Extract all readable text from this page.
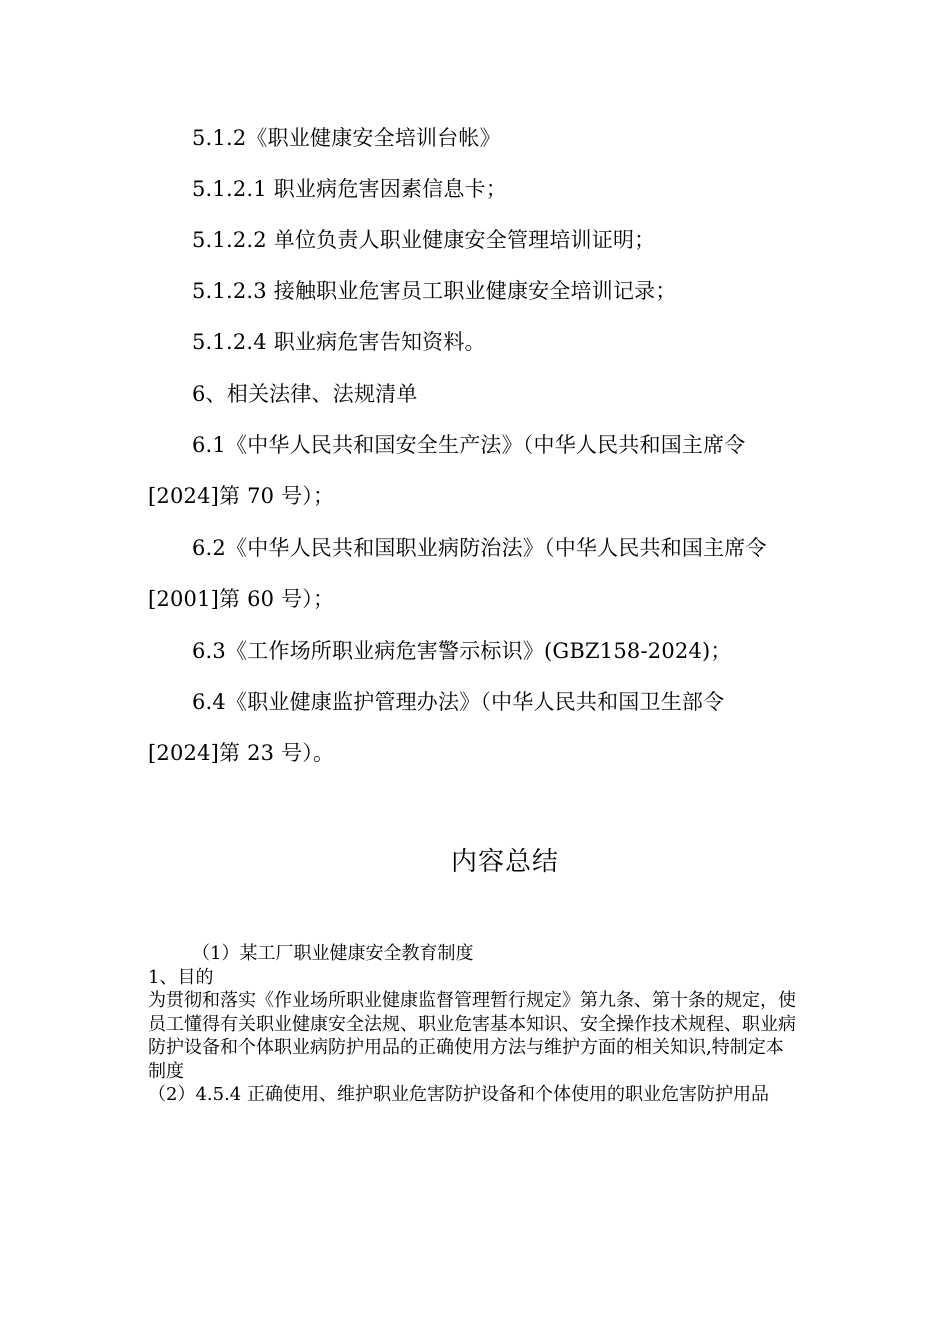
5.1.2《职业健康安全培训台帐》
5.1.2.1 职业病危害因素信息卡；
5.1.2.2 单位负责人职业健康安全管理培训证明；
5.1.2.3 接触职业危害员工职业健康安全培训记录；
5.1.2.4 职业病危害告知资料。
6、相关法律、法规清单
6.1《中华人民共和国安全生产法》（中华人民共和国主席令
[2024]第 70 号）；
6.2《中华人民共和国职业病防治法》（中华人民共和国主席令
[2001]第 60 号）；
6.3《工作场所职业病危害警示标识》(GBZ158-2024)；
6.4《职业健康监护管理办法》（中华人民共和国卫生部令
[2024]第 23 号）。
内容总结

（1）某工厂职业健康安全教育制度

1、目的

为贯彻和落实《作业场所职业健康监督管理暂行规定》第九条、第十条的规定，使员工懂得有关职业健康安全法规、职业危害基本知识、安全操作技术规程、职业病防护设备和个体职业病防护用品的正确使用方法与维护方面的相关知识,特制定本制度

（2）4.5.4 正确使用、维护职业危害防护设备和个体使用的职业危害防护用品
